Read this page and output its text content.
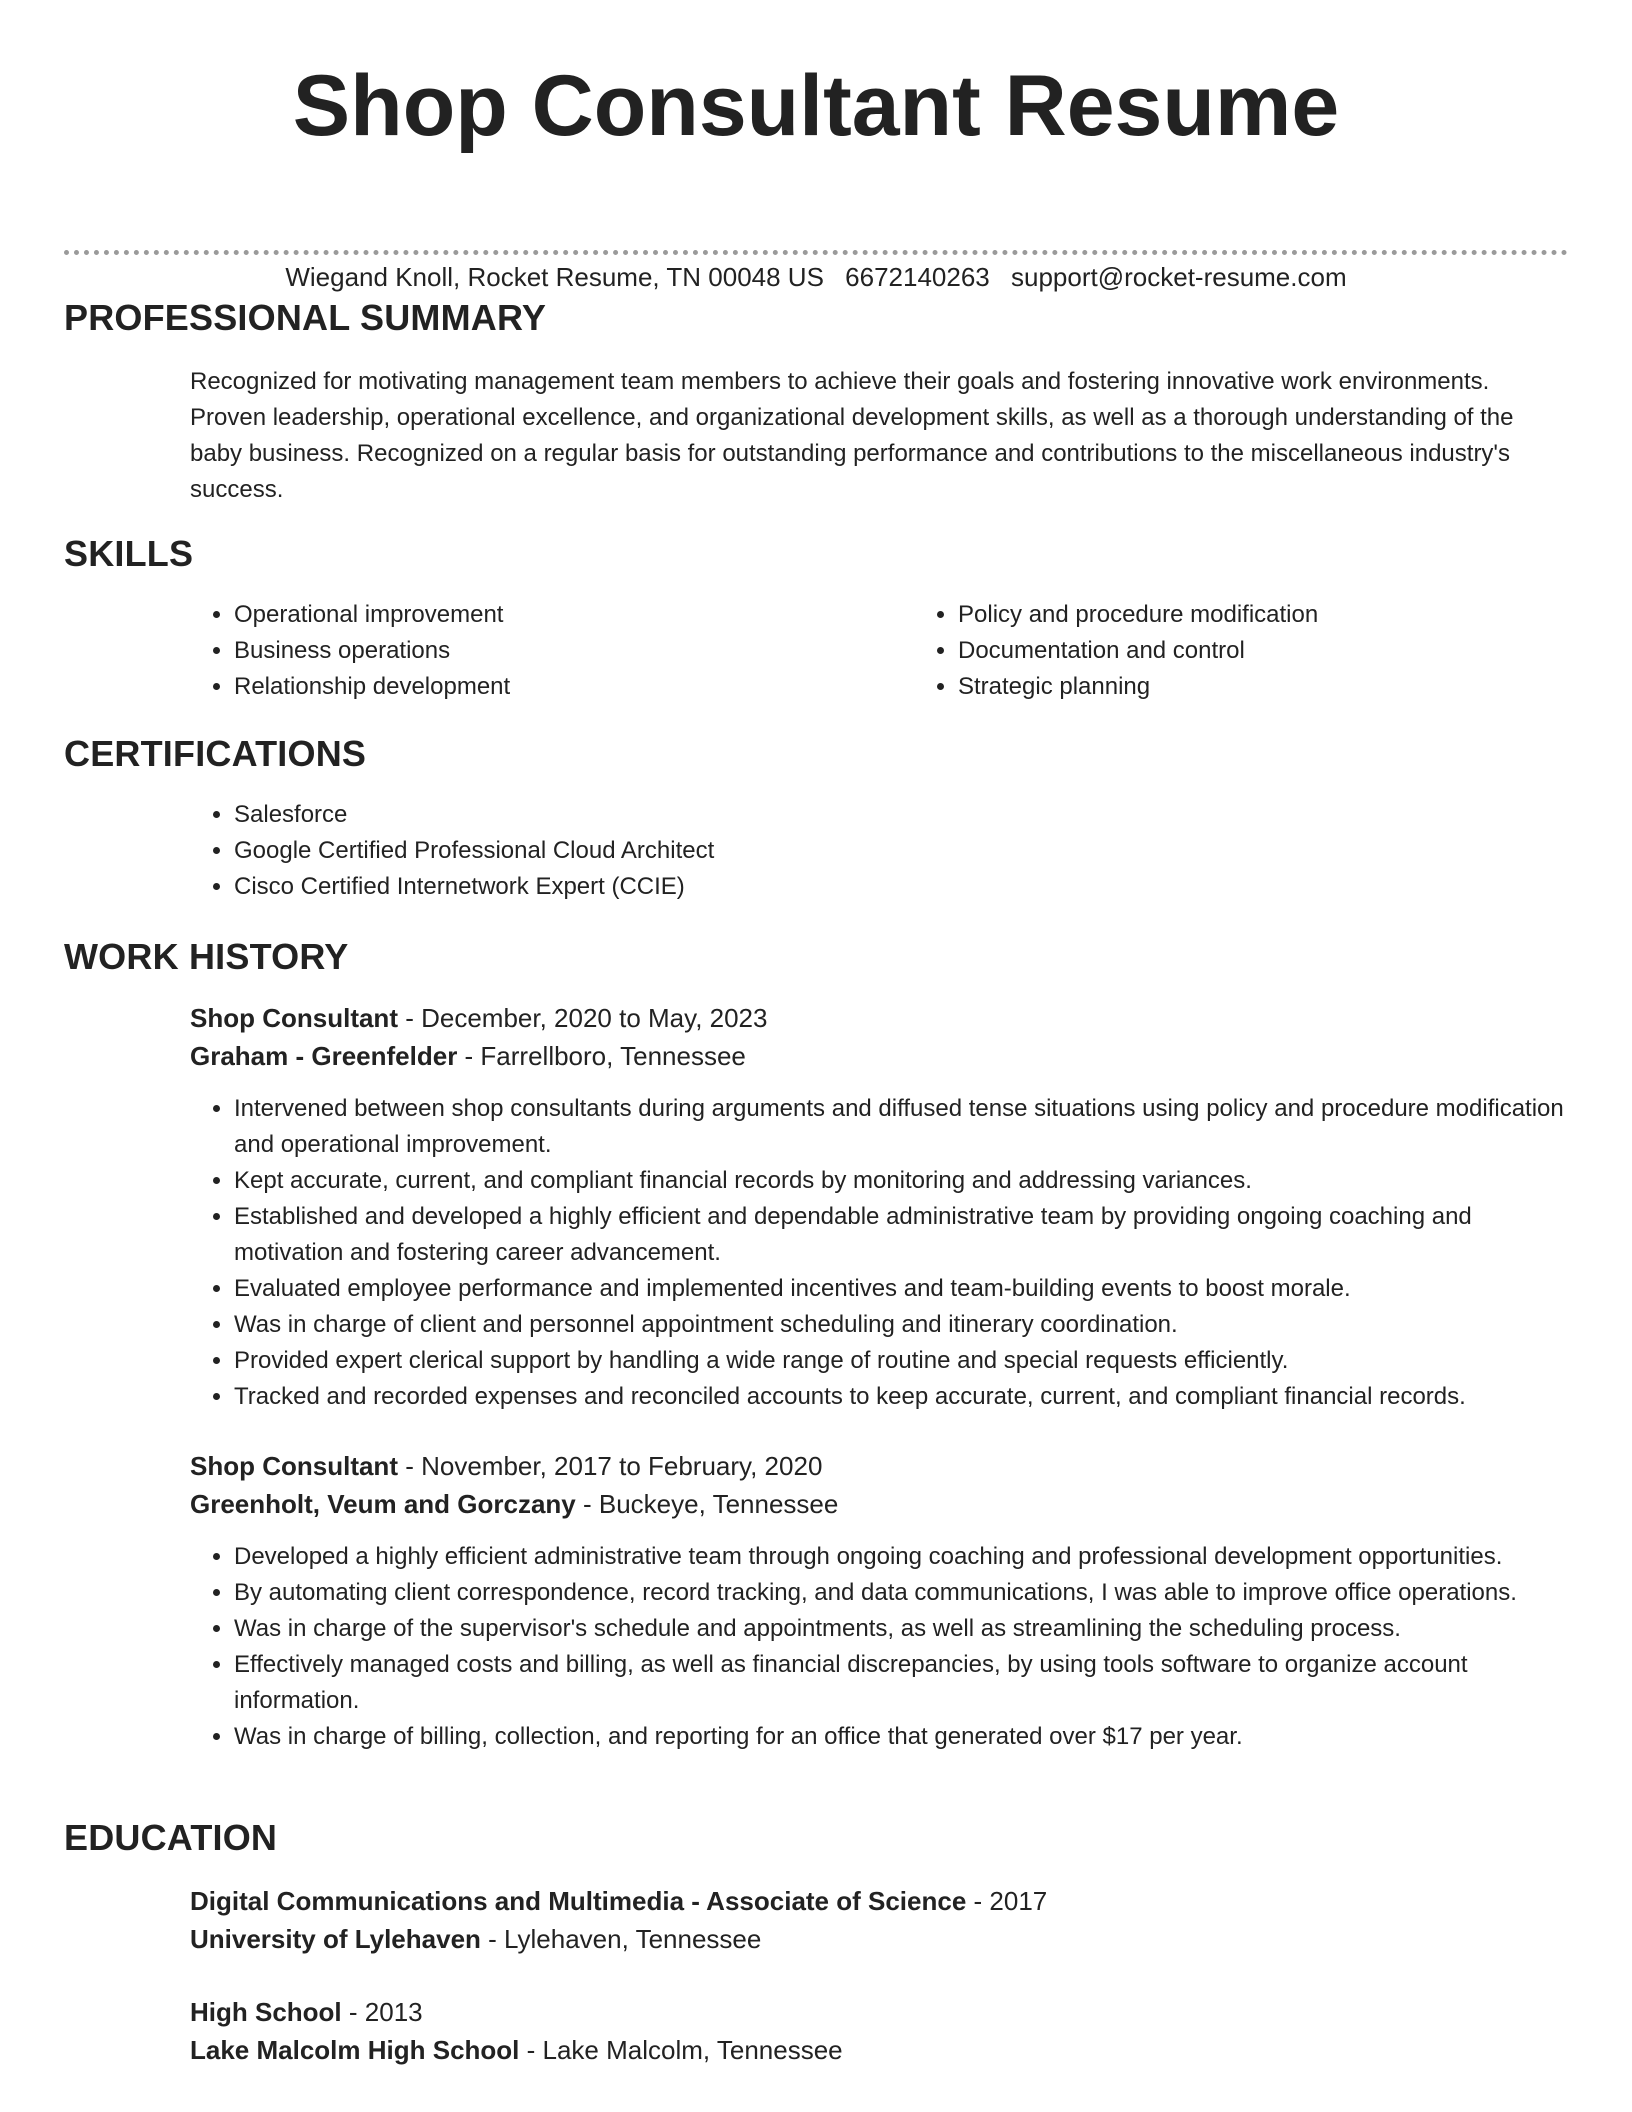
Shop Consultant Resume
Wiegand Knoll, Rocket Resume, TN 00048 US 6672140263 support@rocket-resume.com
PROFESSIONAL SUMMARY

Recognized for motivating management team members to achieve their goals and fostering innovative work environments. Proven leadership, operational excellence, and organizational development skills, as well as a thorough understanding of the baby business. Recognized on a regular basis for outstanding performance and contributions to the miscellaneous industry's success.

SKILLS
• Operational improvement
• Business operations
• Relationship development
• Policy and procedure modification
• Documentation and control
• Strategic planning
CERTIFICATIONS
• Salesforce
• Google Certified Professional Cloud Architect
• Cisco Certified Internetwork Expert (CCIE)
WORK HISTORY
Shop Consultant - December, 2020 to May, 2023
Graham - Greenfelder - Farrellboro, Tennessee
• Intervened between shop consultants during arguments and diffused tense situations using policy and procedure modification and operational improvement.
• Kept accurate, current, and compliant financial records by monitoring and addressing variances.
• Established and developed a highly efficient and dependable administrative team by providing ongoing coaching and motivation and fostering career advancement.
• Evaluated employee performance and implemented incentives and team-building events to boost morale.
• Was in charge of client and personnel appointment scheduling and itinerary coordination.
• Provided expert clerical support by handling a wide range of routine and special requests efficiently.
• Tracked and recorded expenses and reconciled accounts to keep accurate, current, and compliant financial records.
Shop Consultant - November, 2017 to February, 2020
Greenholt, Veum and Gorczany - Buckeye, Tennessee
• Developed a highly efficient administrative team through ongoing coaching and professional development opportunities.
• By automating client correspondence, record tracking, and data communications, I was able to improve office operations.
• Was in charge of the supervisor's schedule and appointments, as well as streamlining the scheduling process.
• Effectively managed costs and billing, as well as financial discrepancies, by using tools software to organize account information.
• Was in charge of billing, collection, and reporting for an office that generated over $17 per year.
EDUCATION
Digital Communications and Multimedia - Associate of Science - 2017
University of Lylehaven - Lylehaven, Tennessee
High School - 2013
Lake Malcolm High School - Lake Malcolm, Tennessee
